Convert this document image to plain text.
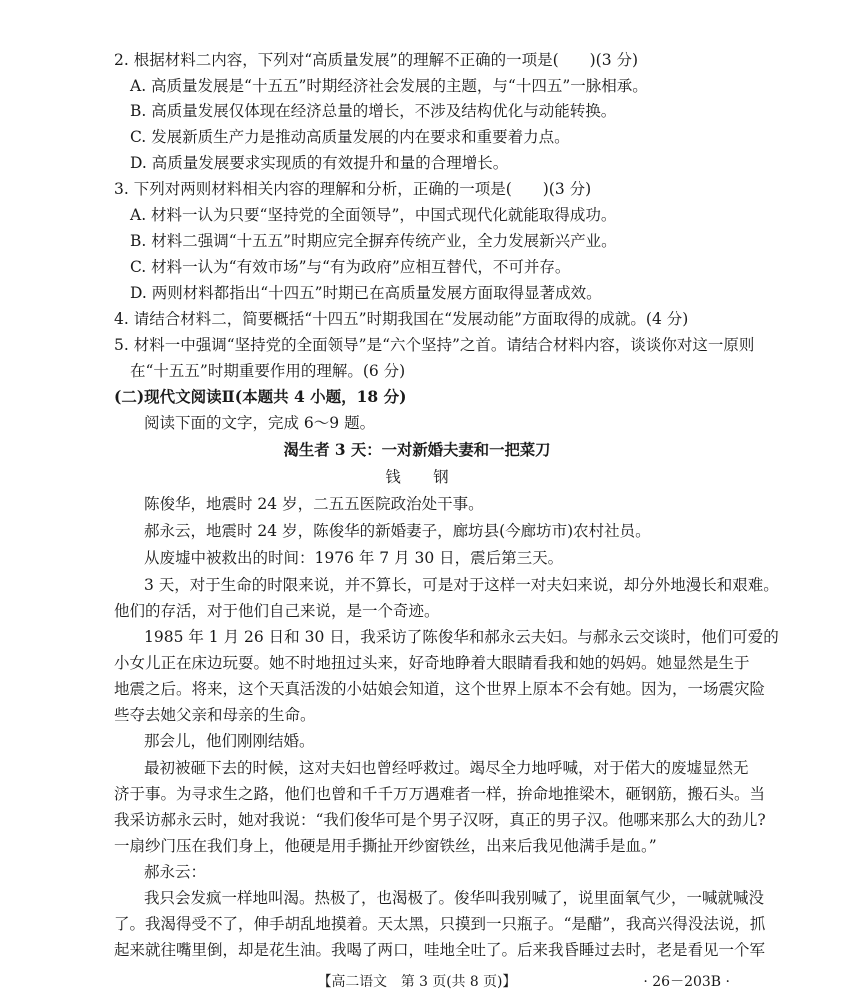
2. 根据材料二内容，下列对“高质量发展”的理解不正确的一项是(　　)(3 分)
A. 高质量发展是“十五五”时期经济社会发展的主题，与“十四五”一脉相承。
B. 高质量发展仅体现在经济总量的增长，不涉及结构优化与动能转换。
C. 发展新质生产力是推动高质量发展的内在要求和重要着力点。
D. 高质量发展要求实现质的有效提升和量的合理增长。
3. 下列对两则材料相关内容的理解和分析，正确的一项是(　　)(3 分)
A. 材料一认为只要“坚持党的全面领导”，中国式现代化就能取得成功。
B. 材料二强调“十五五”时期应完全摒弃传统产业，全力发展新兴产业。
C. 材料一认为“有效市场”与“有为政府”应相互替代，不可并存。
D. 两则材料都指出“十四五”时期已在高质量发展方面取得显著成效。
4. 请结合材料二，简要概括“十四五”时期我国在“发展动能”方面取得的成就。(4 分)
5. 材料一中强调“坚持党的全面领导”是“六个坚持”之首。请结合材料内容，谈谈你对这一原则
在“十五五”时期重要作用的理解。(6 分)
(二)现代文阅读Ⅱ(本题共 4 小题，18 分)
阅读下面的文字，完成 6～9 题。
渴生者 3 天：一对新婚夫妻和一把菜刀
钱 钢
陈俊华，地震时 24 岁，二五五医院政治处干事。
郝永云，地震时 24 岁，陈俊华的新婚妻子，廊坊县(今廊坊市)农村社员。
从废墟中被救出的时间：1976 年 7 月 30 日，震后第三天。
3 天，对于生命的时限来说，并不算长，可是对于这样一对夫妇来说，却分外地漫长和艰难。
他们的存活，对于他们自己来说，是一个奇迹。
1985 年 1 月 26 日和 30 日，我采访了陈俊华和郝永云夫妇。与郝永云交谈时，他们可爱的
小女儿正在床边玩耍。她不时地扭过头来，好奇地睁着大眼睛看我和她的妈妈。她显然是生于
地震之后。将来，这个天真活泼的小姑娘会知道，这个世界上原本不会有她。因为，一场震灾险
些夺去她父亲和母亲的生命。
那会儿，他们刚刚结婚。
最初被砸下去的时候，这对夫妇也曾经呼救过。竭尽全力地呼喊，对于偌大的废墟显然无
济于事。为寻求生之路，他们也曾和千千万万遇难者一样，拚命地推梁木，砸钢筋，搬石头。当
我采访郝永云时，她对我说：“我们俊华可是个男子汉呀，真正的男子汉。他哪来那么大的劲儿?
一扇纱门压在我们身上，他硬是用手撕扯开纱窗铁丝，出来后我见他满手是血。”
郝永云：
我只会发疯一样地叫渴。热极了，也渴极了。俊华叫我别喊了，说里面氧气少，一喊就喊没
了。我渴得受不了，伸手胡乱地摸着。天太黑，只摸到一只瓶子。“是醋”，我高兴得没法说，抓
起来就往嘴里倒，却是花生油。我喝了两口，哇地全吐了。后来我昏睡过去时，老是看见一个军
【高二语文　第 3 页(共 8 页)】	· 26－203B ·
